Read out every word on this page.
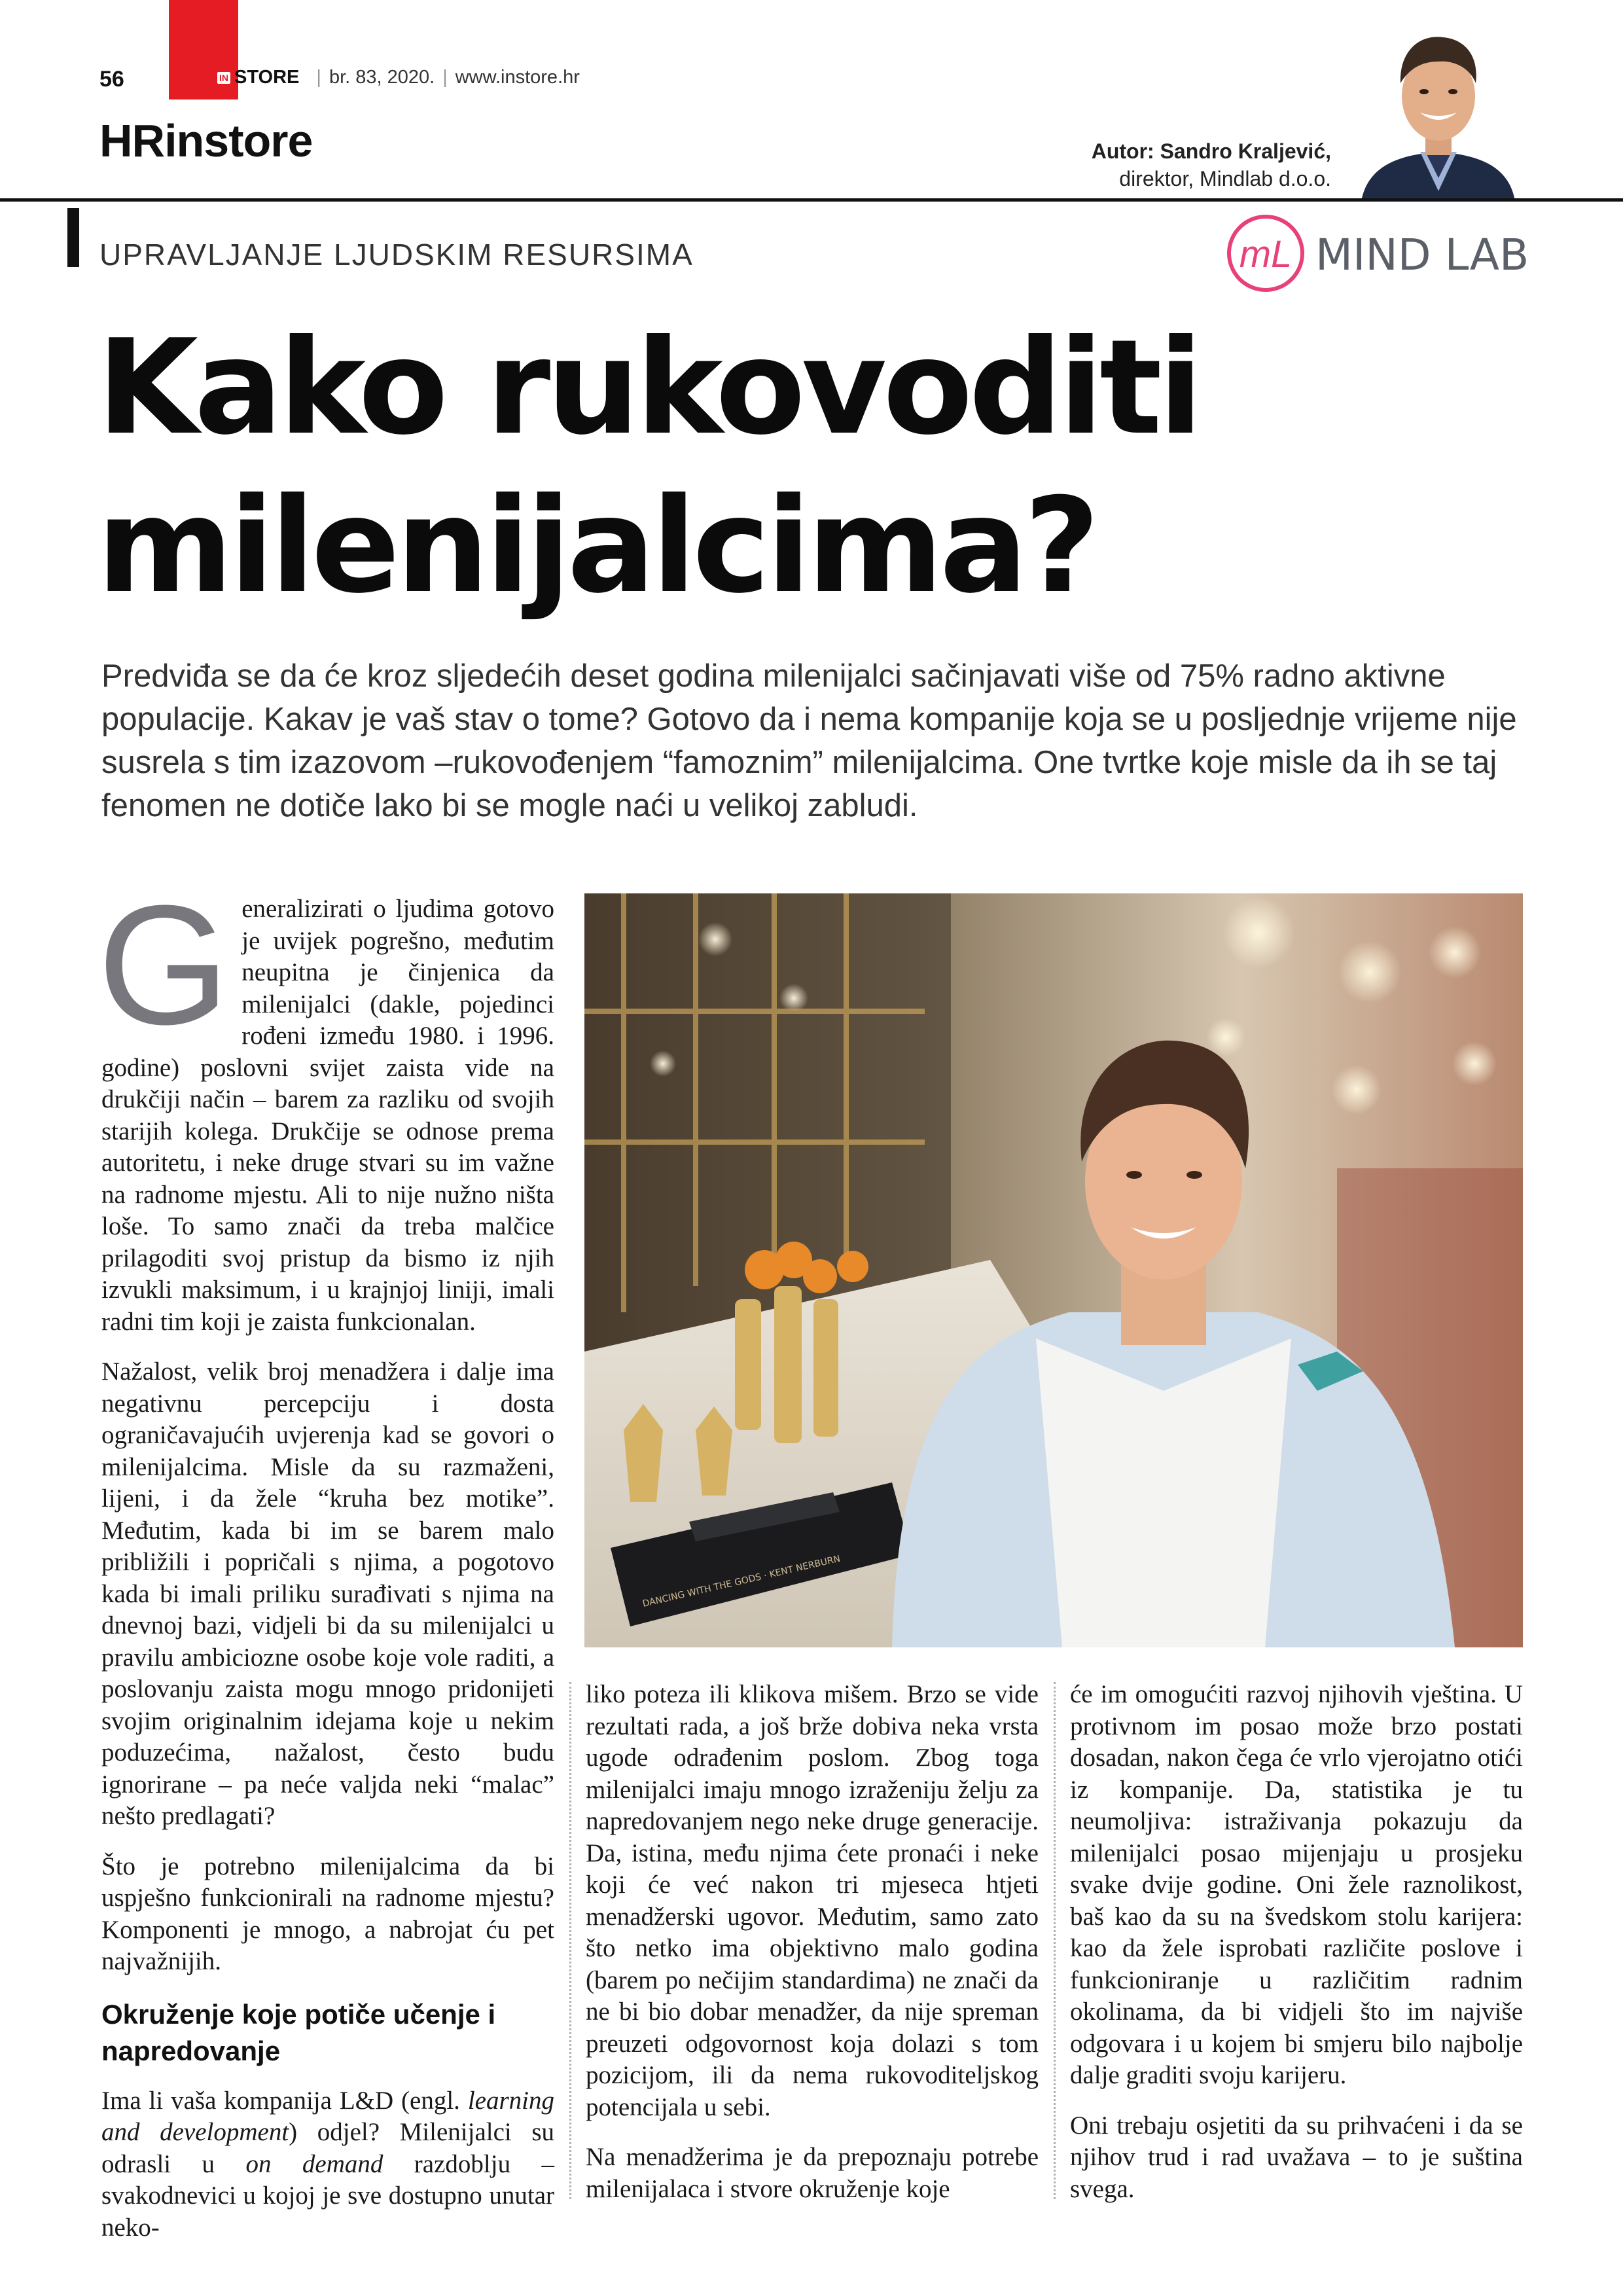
56	IN STORE | br. 83, 2020. | www.instore.hr
HRinstore	Autor: Sandro Kraljević,
direktor, Mindlab d.o.o.
UPRAVLJANJE LJUDSKIM RESURSIMA	mL MIND LAB
Kako rukovoditi
milenijalcima?

Predviđa se da će kroz sljedećih deset godina milenijalci sačinjavati više od 75% radno aktivne populacije. Kakav je vaš stav o tome? Gotovo da i nema kompanije koja se u posljednje vrijeme nije susrela s tim izazovom –rukovođenjem “famoznim” milenijalcima. One tvrtke koje misle da ih se taj fenomen ne dotiče lako bi se mogle naći u velikoj zabludi.

Generalizirati o ljudima gotovo je uvijek pogrešno, međutim neupitna je činjenica da milenijalci (dakle, pojedinci rođeni između 1980. i 1996. godine) poslovni svijet zaista vide na drukčiji način – barem za razliku od svojih starijih kolega. Drukčije se odnose prema autoritetu, i neke druge stvari su im važne na radnome mjestu. Ali to nije nužno ništa loše. To samo znači da treba malčice prilagoditi svoj pristup da bismo iz njih izvukli maksimum, i u krajnjoj liniji, imali radni tim koji je zaista funkcionalan.

Nažalost, velik broj menadžera i dalje ima negativnu percepciju i dosta ograničavajućih uvjerenja kad se govori o milenijalcima. Misle da su razmaženi, lijeni, i da žele “kruha bez motike”. Međutim, kada bi im se barem malo približili i popričali s njima, a pogotovo kada bi imali priliku surađivati s njima na dnevnoj bazi, vidjeli bi da su milenijalci u pravilu ambiciozne osobe koje vole raditi, a poslovanju zaista mogu mnogo pridonijeti svojim originalnim idejama koje u nekim poduzećima, nažalost, često budu ignorirane – pa neće valjda neki “malac” nešto predlagati?

Što je potrebno milenijalcima da bi uspješno funkcionirali na radnome mjestu? Komponenti je mnogo, a nabrojat ću pet najvažnijih.

Okruženje koje potiče učenje i napredovanje

Ima li vaša kompanija L&D (engl. learning and development) odjel? Milenijalci su odrasli u on demand razdoblju – svakodnevici u kojoj je sve dostupno unutar neko-

DANCING WITH THE GODS · KENT NERBURN

liko poteza ili klikova mišem. Brzo se vide rezultati rada, a još brže dobiva neka vrsta ugode odrađenim poslom. Zbog toga milenijalci imaju mnogo izraženiju želju za napredovanjem nego neke druge generacije. Da, istina, među njima ćete pronaći i neke koji će već nakon tri mjeseca htjeti menadžerski ugovor. Međutim, samo zato što netko ima objektivno malo godina (barem po nečijim standardima) ne znači da ne bi bio dobar menadžer, da nije spreman preuzeti odgovornost koja dolazi s tom pozicijom, ili da nema rukovoditeljskog potencijala u sebi.

Na menadžerima je da prepoznaju potrebe milenijalaca i stvore okruženje koje

će im omogućiti razvoj njihovih vještina. U protivnom im posao može brzo postati dosadan, nakon čega će vrlo vjerojatno otići iz kompanije. Da, statistika je tu neumoljiva: istraživanja pokazuju da milenijalci posao mijenjaju u prosjeku svake dvije godine. Oni žele raznolikost, baš kao da su na švedskom stolu karijera: kao da žele isprobati različite poslove i funkcioniranje u različitim radnim okolinama, da bi vidjeli što im najviše odgovara i u kojem bi smjeru bilo najbolje dalje graditi svoju karijeru.

Oni trebaju osjetiti da su prihvaćeni i da se njihov trud i rad uvažava – to je suština svega.
